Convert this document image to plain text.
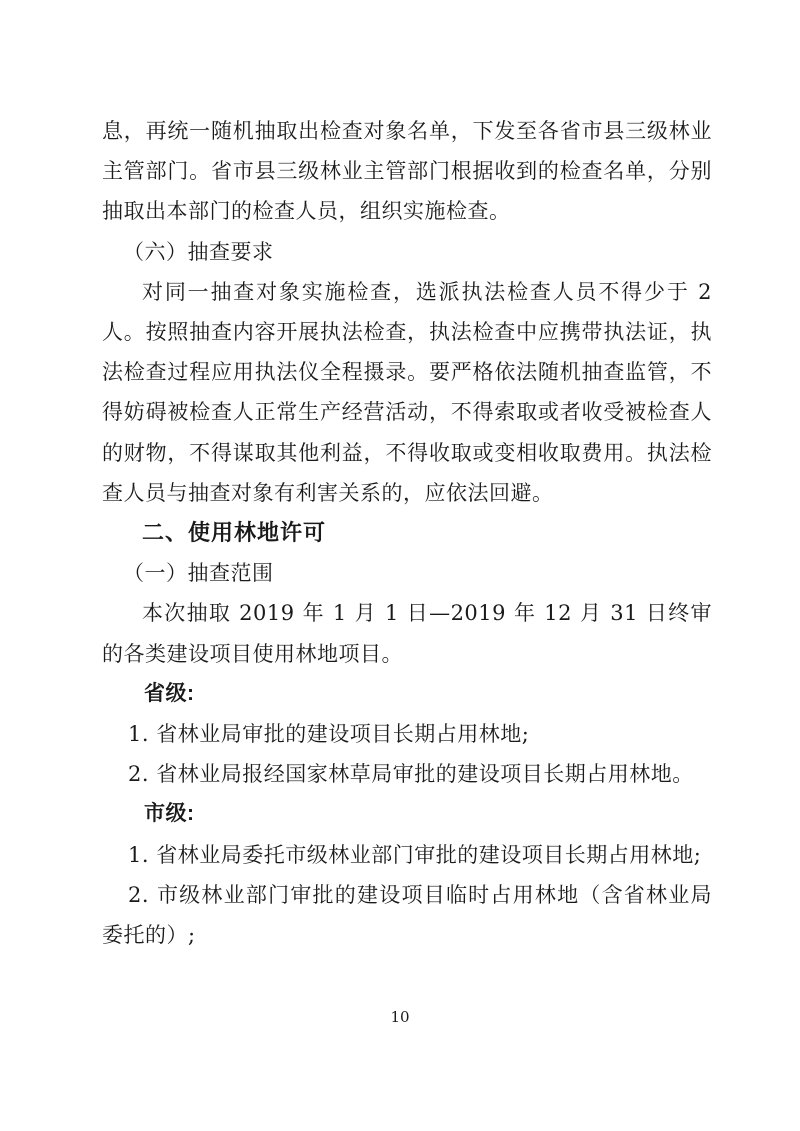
息，再统一随机抽取出检查对象名单，下发至各省市县三级林业主管部门。省市县三级林业主管部门根据收到的检查名单，分别抽取出本部门的检查人员，组织实施检查。

（六）抽查要求

对同一抽查对象实施检查，选派执法检查人员不得少于 2 人。按照抽查内容开展执法检查，执法检查中应携带执法证，执法检查过程应用执法仪全程摄录。要严格依法随机抽查监管，不得妨碍被检查人正常生产经营活动，不得索取或者收受被检查人的财物，不得谋取其他利益，不得收取或变相收取费用。执法检查人员与抽查对象有利害关系的，应依法回避。

二、使用林地许可

（一）抽查范围

本次抽取 2019 年 1 月 1 日—2019 年 12 月 31 日终审的各类建设项目使用林地项目。

省级:

1. 省林业局审批的建设项目长期占用林地;

2. 省林业局报经国家林草局审批的建设项目长期占用林地。

市级:

1. 省林业局委托市级林业部门审批的建设项目长期占用林地;

2. 市级林业部门审批的建设项目临时占用林地（含省林业局委托的）;

10
